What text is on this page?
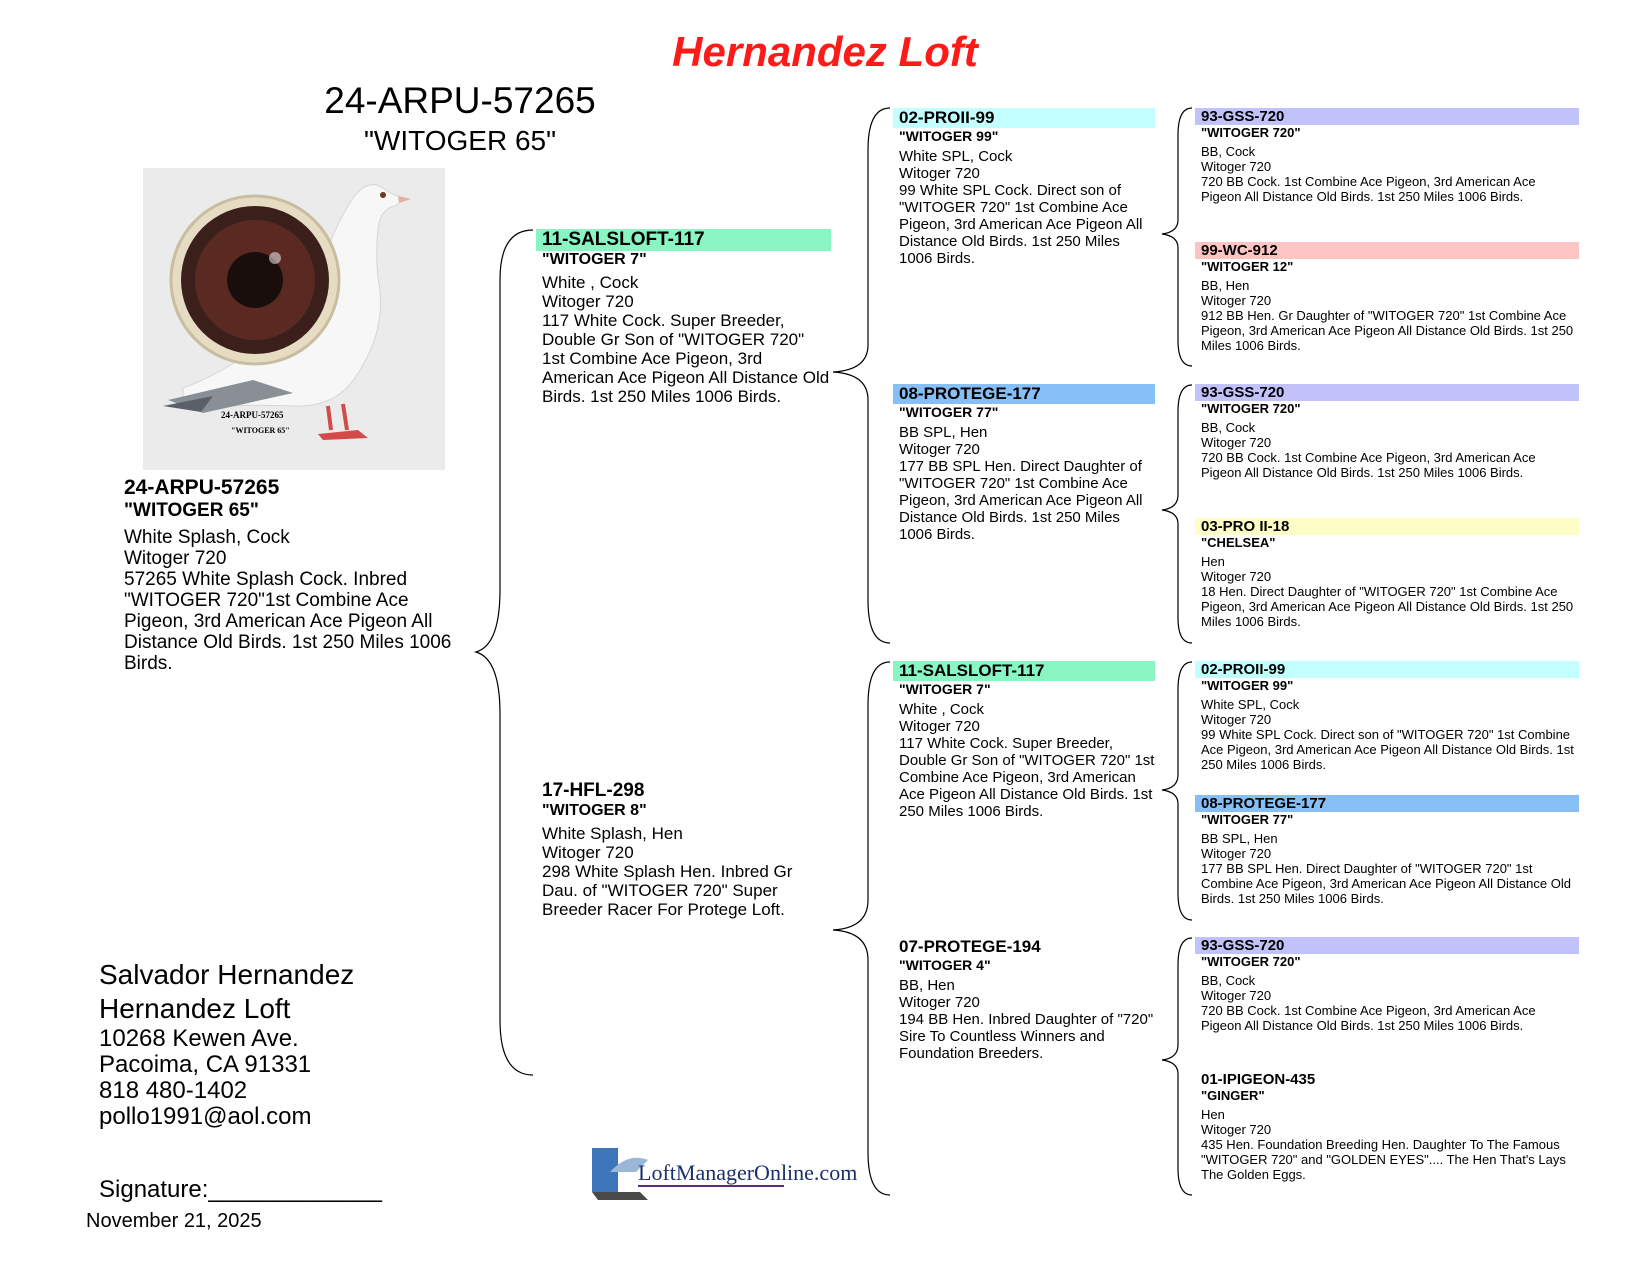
Hernandez Loft
24-ARPU-57265
"WITOGER 65"
24-ARPU-57265
"WITOGER 65"
24-ARPU-57265
"WITOGER 65"
White Splash, Cock
Witoger 720
57265 White Splash Cock. Inbred "WITOGER 720"1st Combine Ace Pigeon, 3rd American Ace Pigeon All Distance Old Birds. 1st 250 Miles 1006 Birds.
11-SALSLOFT-117
"WITOGER 7"
White , Cock
Witoger 720
117 White Cock. Super Breeder, Double Gr Son of "WITOGER 720" 1st Combine Ace Pigeon, 3rd American Ace Pigeon All Distance Old Birds. 1st 250 Miles 1006 Birds.
17-HFL-298
"WITOGER 8"
White Splash, Hen
Witoger 720
298 White Splash Hen. Inbred Gr Dau. of "WITOGER 720" Super Breeder Racer For Protege Loft.
02-PROII-99
"WITOGER 99"
White SPL, Cock
Witoger 720
99 White SPL Cock. Direct son of "WITOGER 720" 1st Combine Ace Pigeon, 3rd American Ace Pigeon All Distance Old Birds. 1st 250 Miles 1006 Birds.
08-PROTEGE-177
"WITOGER 77"
BB SPL, Hen
Witoger 720
177 BB SPL Hen. Direct Daughter of "WITOGER 720" 1st Combine Ace Pigeon, 3rd American Ace Pigeon All Distance Old Birds. 1st 250 Miles 1006 Birds.
11-SALSLOFT-117
"WITOGER 7"
White , Cock
Witoger 720
117 White Cock. Super Breeder, Double Gr Son of "WITOGER 720" 1st Combine Ace Pigeon, 3rd American Ace Pigeon All Distance Old Birds. 1st 250 Miles 1006 Birds.
07-PROTEGE-194
"WITOGER 4"
BB, Hen
Witoger 720
194 BB Hen. Inbred Daughter of "720" Sire To Countless Winners and Foundation Breeders.
93-GSS-720
"WITOGER 720"
BB, Cock
Witoger 720
720 BB Cock. 1st Combine Ace Pigeon, 3rd American Ace Pigeon All Distance Old Birds. 1st 250 Miles 1006 Birds.
99-WC-912
"WITOGER 12"
BB, Hen
Witoger 720
912 BB Hen. Gr Daughter of "WITOGER 720" 1st Combine Ace Pigeon, 3rd American Ace Pigeon All Distance Old Birds. 1st 250 Miles 1006 Birds.
93-GSS-720
"WITOGER 720"
BB, Cock
Witoger 720
720 BB Cock. 1st Combine Ace Pigeon, 3rd American Ace Pigeon All Distance Old Birds. 1st 250 Miles 1006 Birds.
03-PRO II-18
"CHELSEA"
Hen
Witoger 720
18 Hen. Direct Daughter of "WITOGER 720" 1st Combine Ace Pigeon, 3rd American Ace Pigeon All Distance Old Birds. 1st 250 Miles 1006 Birds.
02-PROII-99
"WITOGER 99"
White SPL, Cock
Witoger 720
99 White SPL Cock. Direct son of "WITOGER 720" 1st Combine Ace Pigeon, 3rd American Ace Pigeon All Distance Old Birds. 1st 250 Miles 1006 Birds.
08-PROTEGE-177
"WITOGER 77"
BB SPL, Hen
Witoger 720
177 BB SPL Hen. Direct Daughter of "WITOGER 720" 1st Combine Ace Pigeon, 3rd American Ace Pigeon All Distance Old Birds. 1st 250 Miles 1006 Birds.
93-GSS-720
"WITOGER 720"
BB, Cock
Witoger 720
720 BB Cock. 1st Combine Ace Pigeon, 3rd American Ace Pigeon All Distance Old Birds. 1st 250 Miles 1006 Birds.
01-IPIGEON-435
"GINGER"
Hen
Witoger 720
435 Hen. Foundation Breeding Hen. Daughter To The Famous "WITOGER 720" and "GOLDEN EYES".... The Hen That's Lays The Golden Eggs.
Salvador Hernandez
Hernandez Loft
10268 Kewen Ave.
Pacoima, CA 91331
818 480-1402
pollo1991@aol.com
Signature:_____________
November 21, 2025
LoftManagerOnline.com
